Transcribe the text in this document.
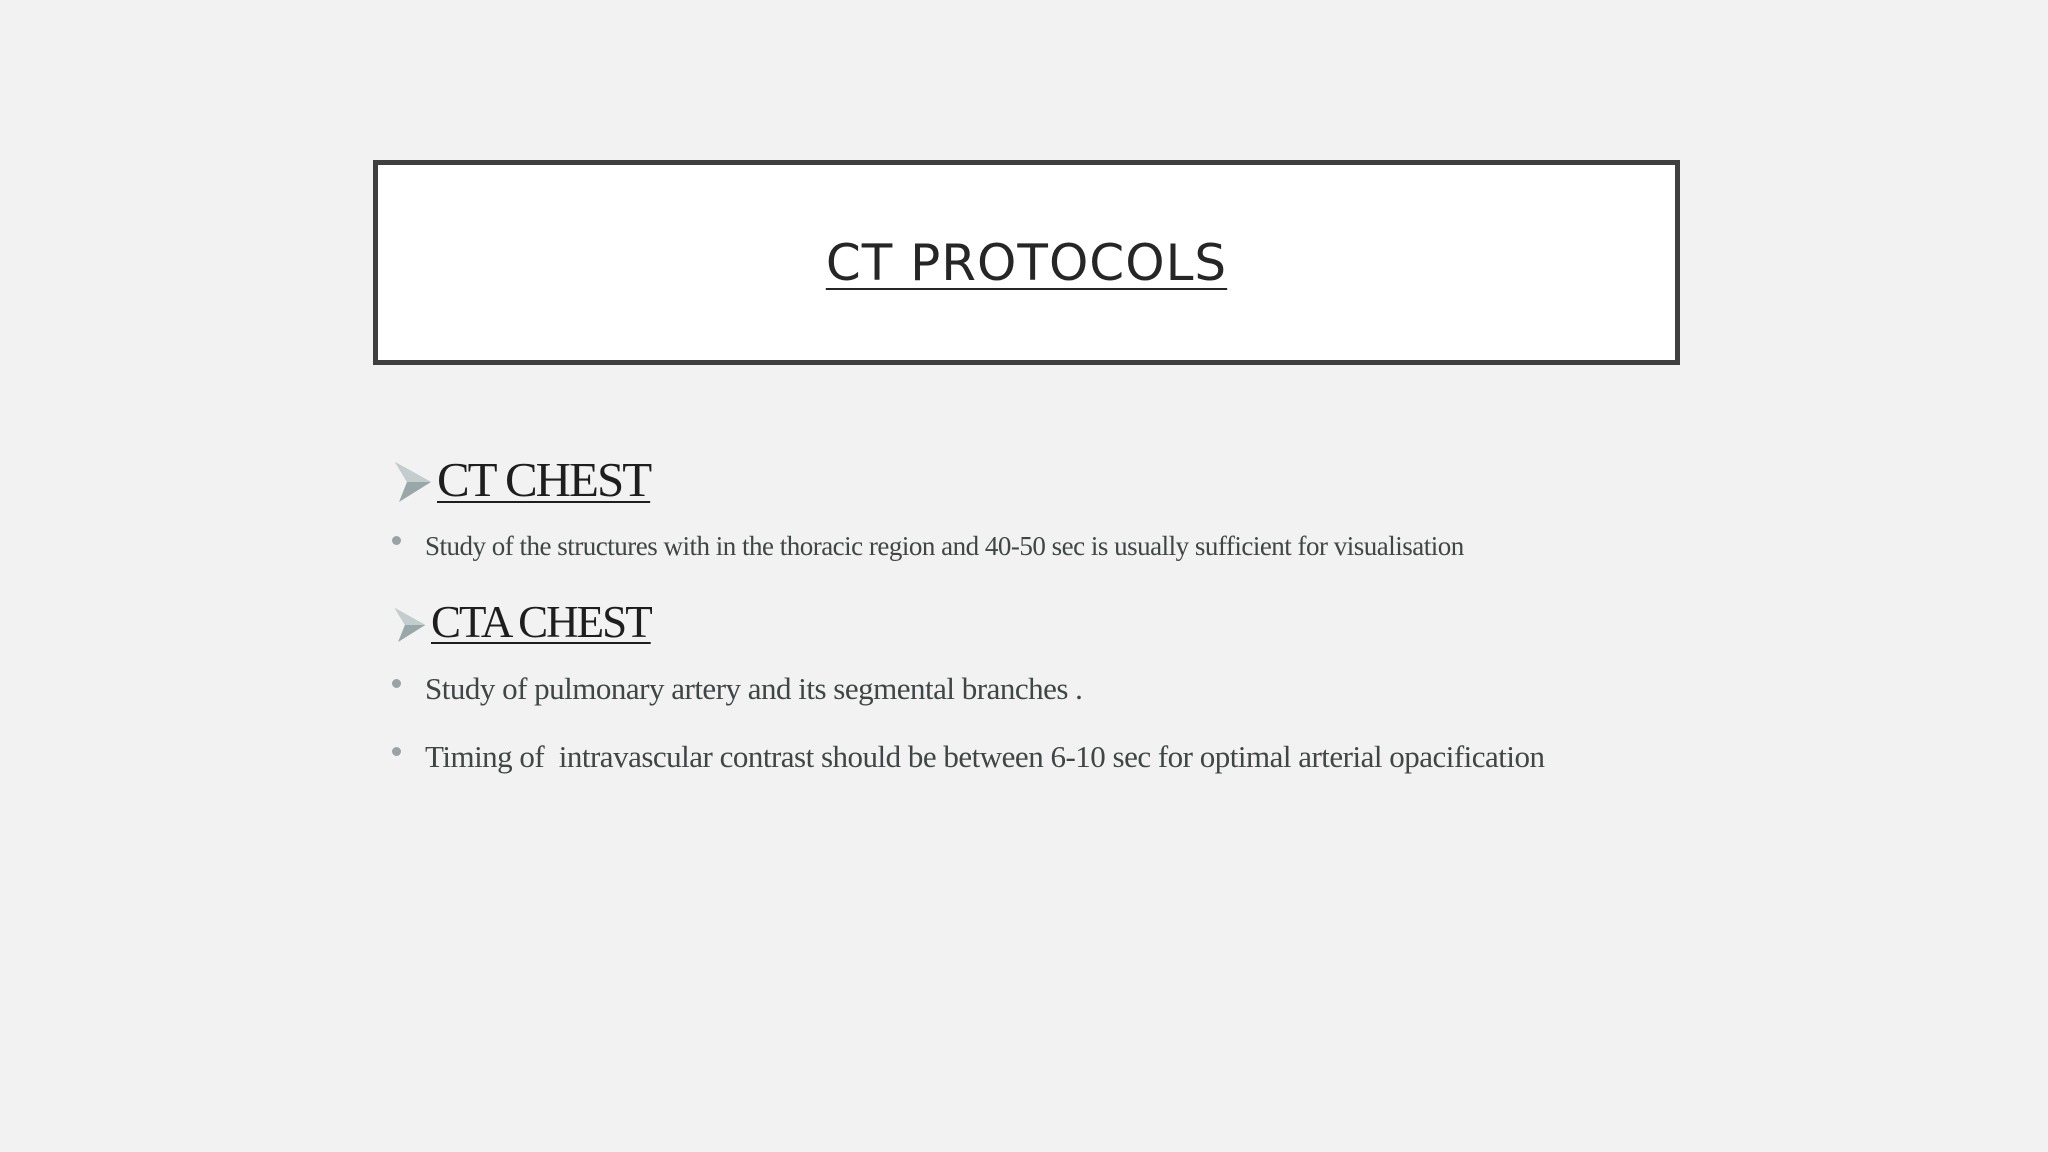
CT PROTOCOLS
CT CHEST
Study of the structures with in the thoracic region and 40-50 sec is usually sufficient for visualisation
CTA CHEST
Study of pulmonary artery and its segmental branches .
Timing of  intravascular contrast should be between 6-10 sec for optimal arterial opacification
